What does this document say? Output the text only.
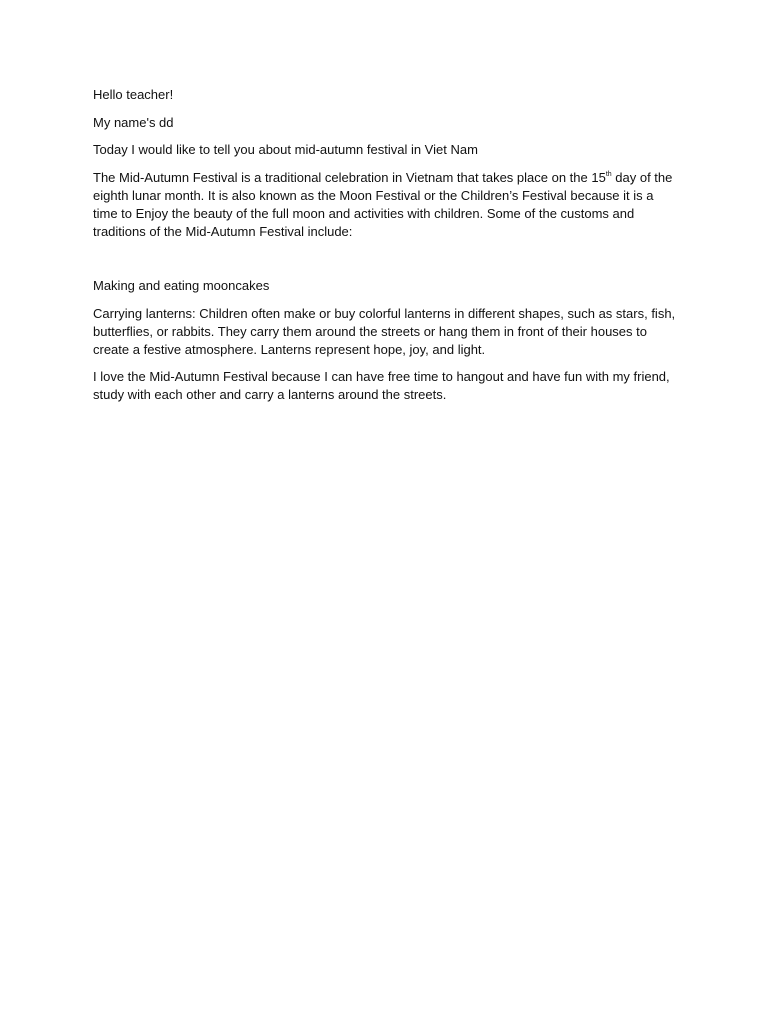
Hello teacher!

My name's dd

Today I would like to tell you about mid-autumn festival in Viet Nam

The Mid-Autumn Festival is a traditional celebration in Vietnam that takes place on the 15th day of the eighth lunar month. It is also known as the Moon Festival or the Children’s Festival because it is a time to Enjoy the beauty of the full moon and activities with children. Some of the customs and traditions of the Mid-Autumn Festival include:

Making and eating mooncakes

Carrying lanterns: Children often make or buy colorful lanterns in different shapes, such as stars, fish, butterflies, or rabbits. They carry them around the streets or hang them in front of their houses to create a festive atmosphere. Lanterns represent hope, joy, and light.

I love the Mid-Autumn Festival because I can have free time to hangout and have fun with my friend, study with each other and carry a lanterns around the streets.
